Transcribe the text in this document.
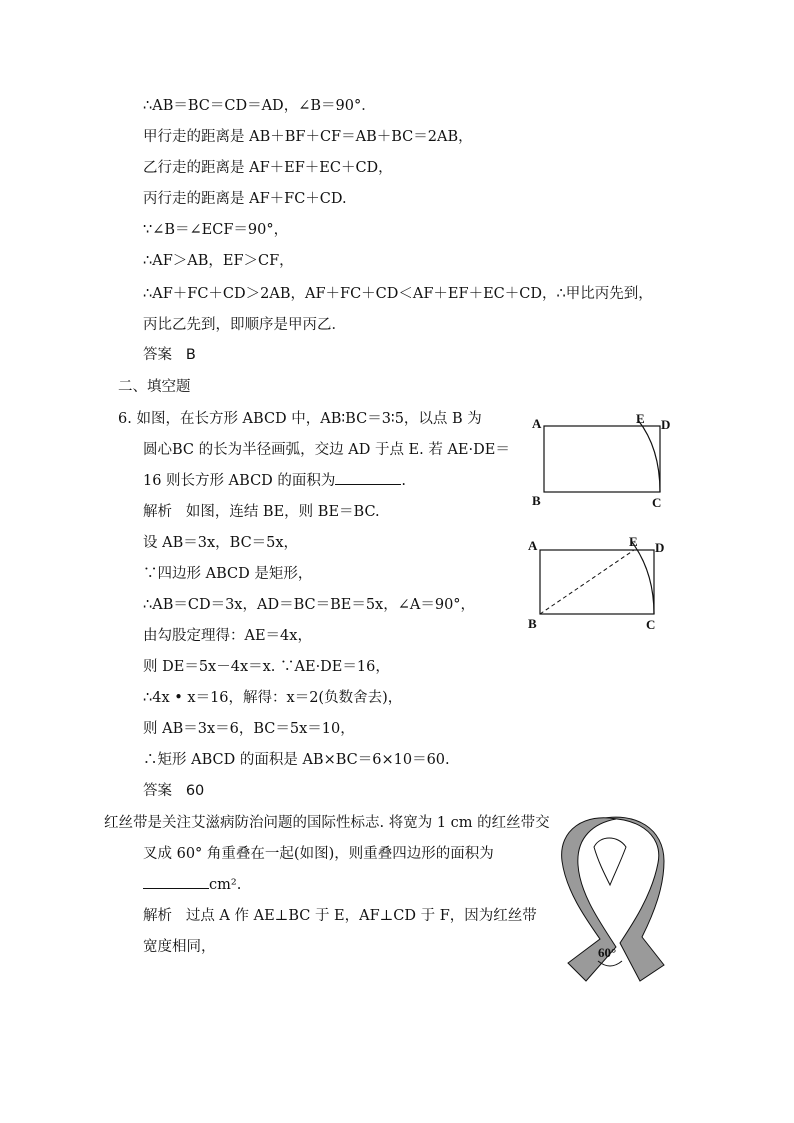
∴AB＝BC＝CD＝AD，∠B＝90°．
甲行走的距离是 AB＋BF＋CF＝AB＋BC＝2AB，
乙行走的距离是 AF＋EF＋EC＋CD，
丙行走的距离是 AF＋FC＋CD.
∵∠B＝∠ECF＝90°，
∴AF＞AB，EF＞CF，
∴AF＋FC＋CD＞2AB，AF＋FC＋CD＜AF＋EF＋EC＋CD，∴甲比丙先到，
丙比乙先到，即顺序是甲丙乙．
答案 B
二、填空题
6. 如图，在长方形 ABCD 中，AB∶BC＝3∶5，以点 B 为
圆心BC 的长为半径画弧，交边 AD 于点 E. 若 AE·DE＝
16 则长方形 ABCD 的面积为	.
解析 如图，连结 BE，则 BE＝BC.
设 AB＝3x，BC＝5x，
∵四边形 ABCD 是矩形，
∴AB＝CD＝3x，AD＝BC＝BE＝5x，∠A＝90°，
由勾股定理得：AE＝4x，
则 DE＝5x－4x＝x. ∵AE·DE＝16，
∴4x • x＝16，解得：x＝2(负数舍去)，
则 AB＝3x＝6，BC＝5x＝10，
∴矩形 ABCD 的面积是 AB×BC＝6×10＝60.
答案 60
红丝带是关注艾滋病防治问题的国际性标志. 将宽为 1 cm 的红丝带交
叉成 60° 角重叠在一起(如图)，则重叠四边形的面积为
cm².
解析 过点 A 作 AE⊥BC 于 E，AF⊥CD 于 F，因为红丝带
宽度相同，
A	E D
B	C
A	E D
B	C
60°
